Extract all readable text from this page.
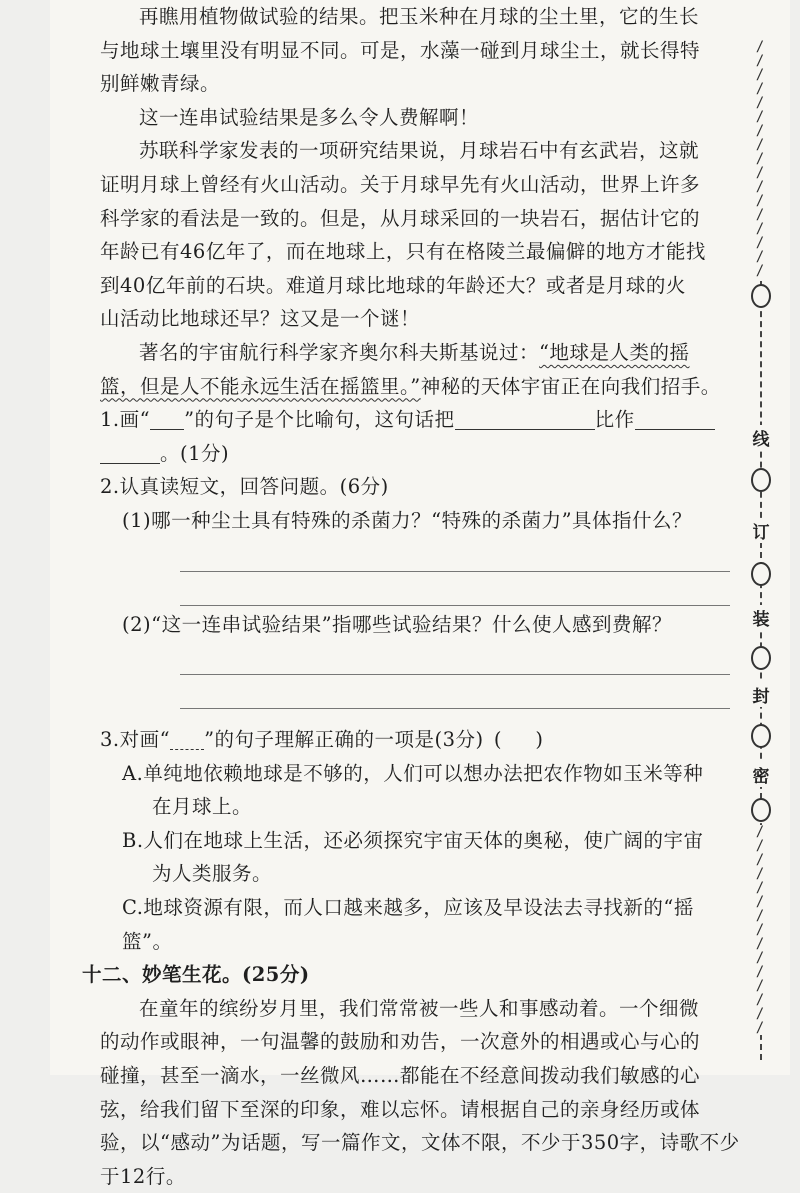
再瞧用植物做试验的结果。把玉米种在月球的尘土里，它的生长

与地球土壤里没有明显不同。可是，水藻一碰到月球尘土，就长得特

别鲜嫩青绿。

这一连串试验结果是多么令人费解啊！

苏联科学家发表的一项研究结果说，月球岩石中有玄武岩，这就

证明月球上曾经有火山活动。关于月球早先有火山活动，世界上许多

科学家的看法是一致的。但是，从月球采回的一块岩石，据估计它的

年龄已有46亿年了，而在地球上，只有在格陵兰最偏僻的地方才能找

到40亿年前的石块。难道月球比地球的年龄还大？或者是月球的火

山活动比地球还早？这又是一个谜！

著名的宇宙航行科学家齐奥尔科夫斯基说过：“地球是人类的摇

篮，但是人不能永远生活在摇篮里。”神秘的天体宇宙正在向我们招手。

1.画“ ”的句子是个比喻句，这句话把	比作

。(1分)

2.认真读短文，回答问题。(6分)

(1)哪一种尘土具有特殊的杀菌力？“特殊的杀菌力”具体指什么？

(2)“这一连串试验结果”指哪些试验结果？什么使人感到费解？

3.对画“ ”的句子理解正确的一项是(3分) ( )

A.单纯地依赖地球是不够的，人们可以想办法把农作物如玉米等种

在月球上。

B.人们在地球上生活，还必须探究宇宙天体的奥秘，使广阔的宇宙

为人类服务。

C.地球资源有限，而人口越来越多，应该及早设法去寻找新的“摇篮”。

十二、妙笔生花。(25分)

在童年的缤纷岁月里，我们常常被一些人和事感动着。一个细微

的动作或眼神，一句温馨的鼓励和劝告，一次意外的相遇或心与心的

碰撞，甚至一滴水，一丝微风……都能在不经意间拨动我们敏感的心

弦，给我们留下至深的印象，难以忘怀。请根据自己的亲身经历或体

验，以“感动”为话题，写一篇作文，文体不限，不少于350字，诗歌不少

于12行。

/
/
/
/
/
/
/
/
/
/
/
/
/
/
/
/
/
线
订
装
封
密
/
/
/
/
/
/
/
/
/
/
/
/
/
/
/
